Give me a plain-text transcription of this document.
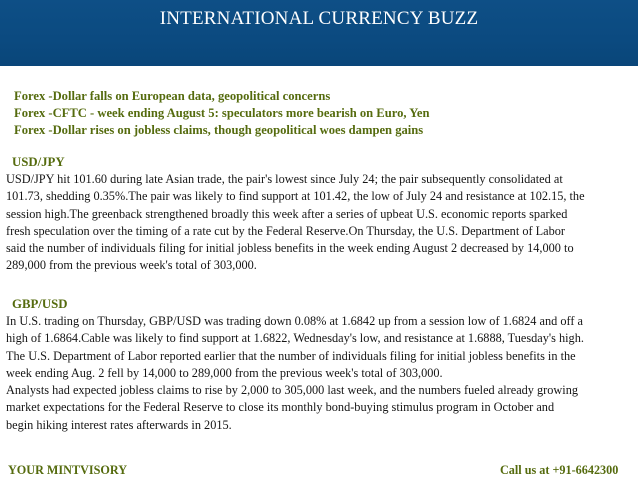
INTERNATIONAL CURRENCY BUZZ
Forex -Dollar falls on European data, geopolitical concerns
Forex -CFTC - week ending August 5: speculators more bearish on Euro, Yen
Forex -Dollar rises on jobless claims, though geopolitical woes dampen gains
USD/JPY
USD/JPY hit 101.60 during late Asian trade, the pair's lowest since July 24; the pair subsequently consolidated at
101.73, shedding 0.35%.The pair was likely to find support at 101.42, the low of July 24 and resistance at 102.15, the
session high.The greenback strengthened broadly this week after a series of upbeat U.S. economic reports sparked
fresh speculation over the timing of a rate cut by the Federal Reserve.On Thursday, the U.S. Department of Labor
said the number of individuals filing for initial jobless benefits in the week ending August 2 decreased by 14,000 to
289,000 from the previous week's total of 303,000.
GBP/USD
In U.S. trading on Thursday, GBP/USD was trading down 0.08% at 1.6842 up from a session low of 1.6824 and off a
high of 1.6864.Cable was likely to find support at 1.6822, Wednesday's low, and resistance at 1.6888, Tuesday's high.
The U.S. Department of Labor reported earlier that the number of individuals filing for initial jobless benefits in the
week ending Aug. 2 fell by 14,000 to 289,000 from the previous week's total of 303,000.
Analysts had expected jobless claims to rise by 2,000 to 305,000 last week, and the numbers fueled already growing
market expectations for the Federal Reserve to close its monthly bond-buying stimulus program in October and
begin hiking interest rates afterwards in 2015.
YOUR MINTVISORY	Call us at +91-6642300
